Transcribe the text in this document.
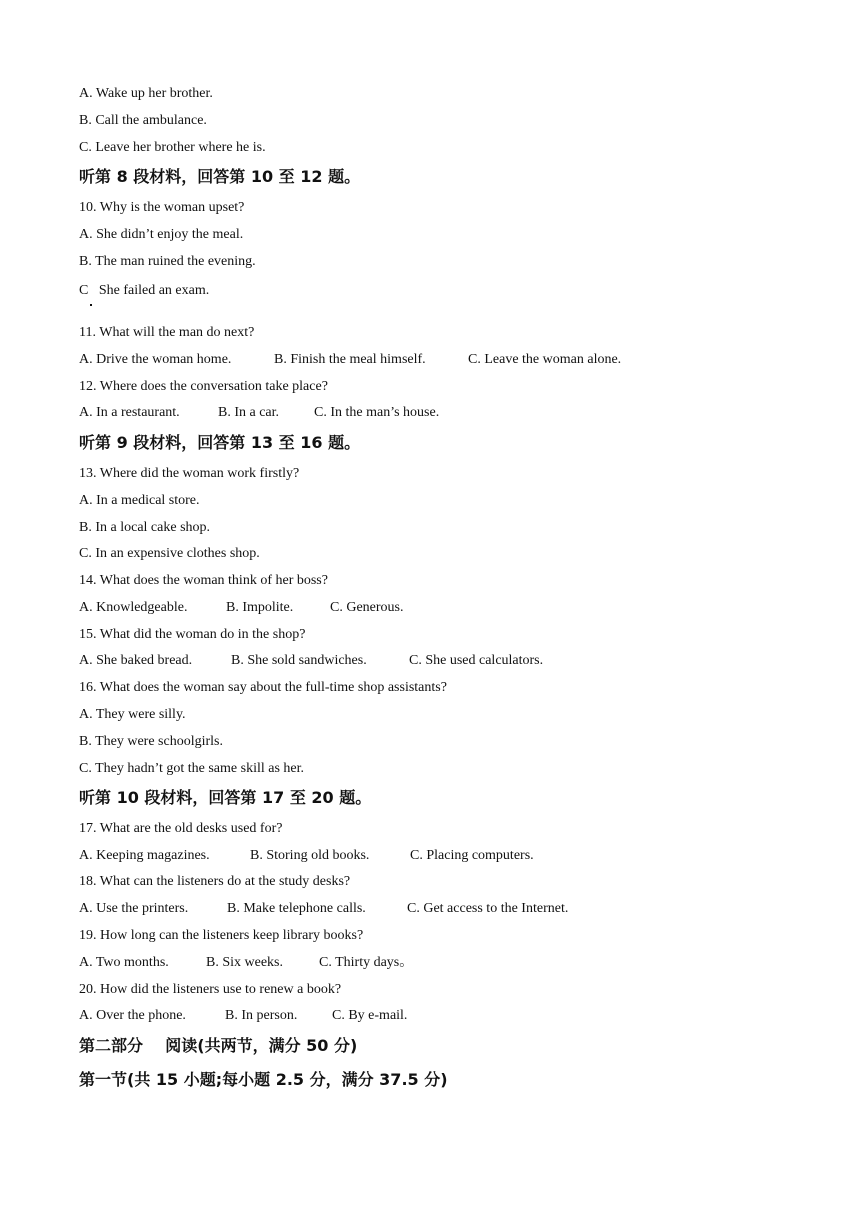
A. Wake up her brother.
B. Call the ambulance.
C. Leave her brother where he is.
听第 8 段材料，回答第 10 至 12 题。
10. Why is the woman upset?
A. She didn’t enjoy the meal.
B. The man ruined the evening.
C   She failed an exam.
11. What will the man do next?
A. Drive the woman home.	B. Finish the meal himself.	C. Leave the woman alone.
12. Where does the conversation take place?
A. In a restaurant.	B. In a car. C. In the man’s house.
听第 9 段材料，回答第 13 至 16 题。
13. Where did the woman work firstly?
A. In a medical store.
B. In a local cake shop.
C. In an expensive clothes shop.
14. What does the woman think of her boss?
A. Knowledgeable.	B. Impolite.	C. Generous.
15. What did the woman do in the shop?
A. She baked bread.	B. She sold sandwiches.	C. She used calculators.
16. What does the woman say about the full-time shop assistants?
A. They were silly.
B. They were schoolgirls.
C. They hadn’t got the same skill as her.
听第 10 段材料，回答第 17 至 20 题。
17. What are the old desks used for?
A. Keeping magazines.	B. Storing old books.	C. Placing computers.
18. What can the listeners do at the study desks?
A. Use the printers.	B. Make telephone calls.	C. Get access to the Internet.
19. How long can the listeners keep library books?
A. Two months.	B. Six weeks.	C. Thirty days。
20. How did the listeners use to renew a book?
A. Over the phone.	B. In person. C. By e-mail.
第二部分    阅读(共两节，满分 50 分)
第一节(共 15 小题;每小题 2.5 分，满分 37.5 分)
